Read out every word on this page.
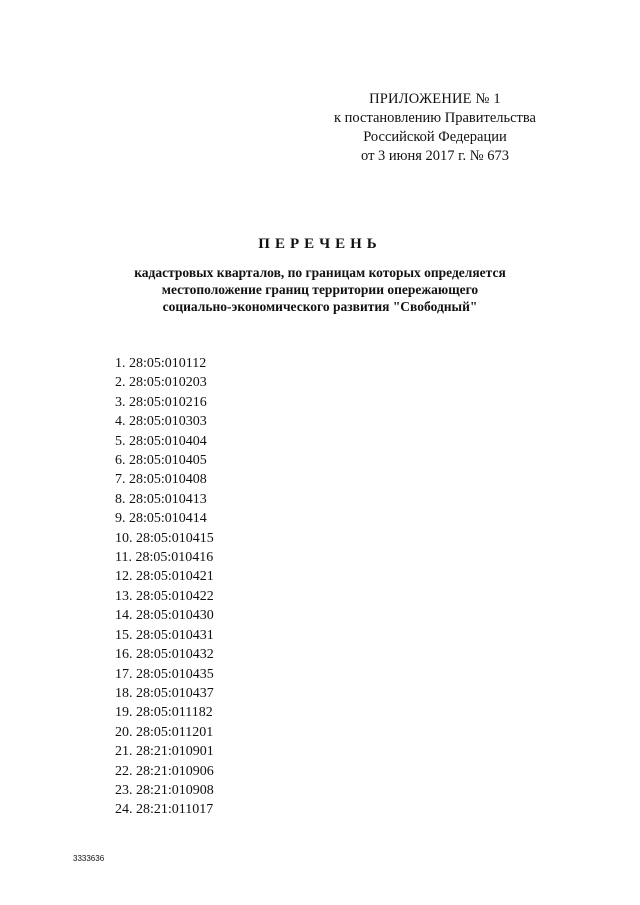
ПРИЛОЖЕНИЕ № 1
к постановлению Правительства
Российской Федерации
от 3 июня 2017 г. № 673
ПЕРЕЧЕНЬ
кадастровых кварталов, по границам которых определяется
местоположение границ территории опережающего
социально-экономического развития "Свободный"
1. 28:05:010112
2. 28:05:010203
3. 28:05:010216
4. 28:05:010303
5. 28:05:010404
6. 28:05:010405
7. 28:05:010408
8. 28:05:010413
9. 28:05:010414
10. 28:05:010415
11. 28:05:010416
12. 28:05:010421
13. 28:05:010422
14. 28:05:010430
15. 28:05:010431
16. 28:05:010432
17. 28:05:010435
18. 28:05:010437
19. 28:05:011182
20. 28:05:011201
21. 28:21:010901
22. 28:21:010906
23. 28:21:010908
24. 28:21:011017
3333636
